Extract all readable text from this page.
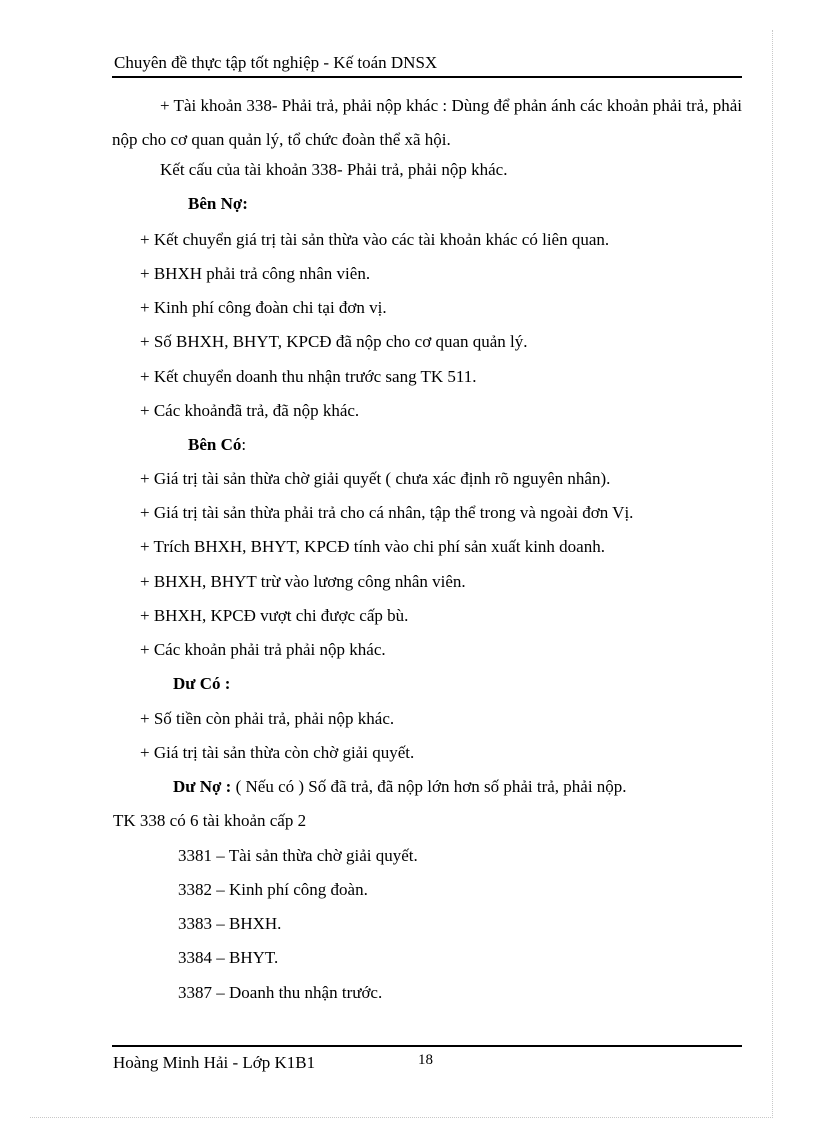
Chuyên đề thực tập tốt nghiệp - Kế toán DNSX
+ Tài khoản 338- Phải trả, phải nộp khác : Dùng để phản ánh các khoản phải trả, phải nộp cho cơ quan quản lý, tổ chức đoàn thể xã hội.
Kết cấu của tài khoản 338- Phải trả, phải nộp khác.
Bên Nợ:
+ Kết chuyển giá trị tài sản thừa vào các tài khoản khác có liên quan.
+ BHXH phải trả công nhân viên.
+ Kinh phí công đoàn chi tại đơn vị.
+ Số BHXH, BHYT, KPCĐ đã nộp cho cơ quan quản lý.
+ Kết chuyển doanh thu nhận trước sang TK 511.
+ Các khoảnđã trả, đã nộp khác.
Bên Có:
+ Giá trị tài sản thừa chờ giải quyết ( chưa xác định rõ nguyên nhân).
+ Giá trị tài sản thừa phải trả cho cá nhân, tập thể trong và ngoài đơn Vị.
+ Trích BHXH, BHYT, KPCĐ tính vào chi phí sản xuất kinh doanh.
+ BHXH, BHYT trừ vào lương công nhân viên.
+ BHXH, KPCĐ vượt chi được cấp bù.
+ Các khoản phải trả phải nộp khác.
Dư Có :
+ Số tiền còn phải trả, phải nộp khác.
+ Giá trị tài sản thừa còn chờ giải quyết.
Dư Nợ : ( Nếu có ) Số đã trả, đã nộp lớn hơn số phải trả, phải nộp.
TK 338 có 6 tài khoản cấp 2
3381 – Tài sản thừa chờ giải quyết.
3382 – Kinh phí công đoàn.
3383 – BHXH.
3384 – BHYT.
3387 – Doanh thu nhận trước.
Hoàng Minh Hải - Lớp K1B1	18
